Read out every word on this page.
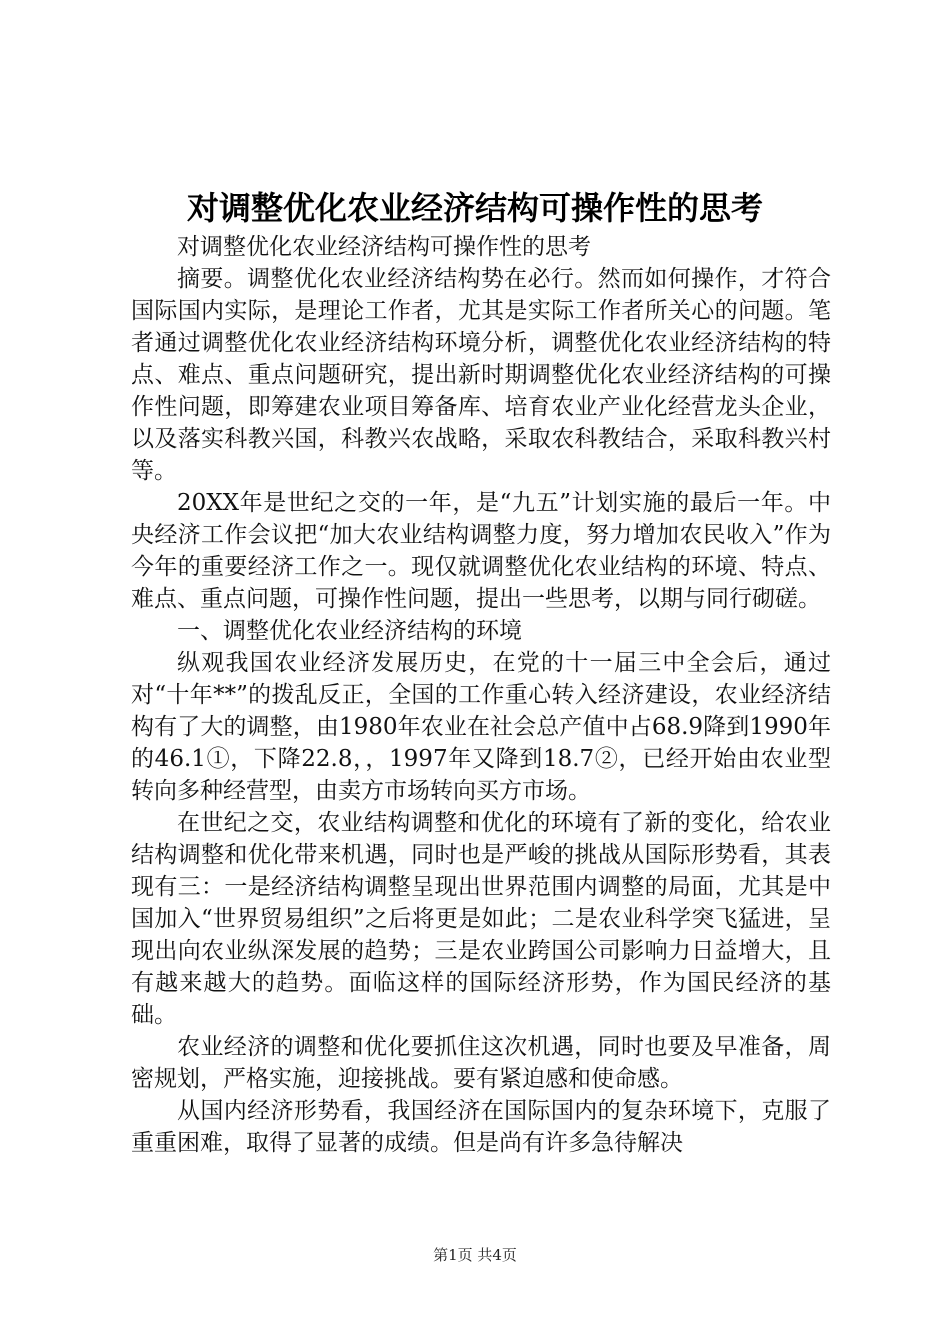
对调整优化农业经济结构可操作性的思考

对调整优化农业经济结构可操作性的思考

摘要。调整优化农业经济结构势在必行。然而如何操作，才符合国际国内实际，是理论工作者，尤其是实际工作者所关心的问题。笔者通过调整优化农业经济结构环境分析，调整优化农业经济结构的特点、难点、重点问题研究，提出新时期调整优化农业经济结构的可操作性问题，即筹建农业项目筹备库、培育农业产业化经营龙头企业，以及落实科教兴国，科教兴农战略，采取农科教结合，采取科教兴村等。

20XX年是世纪之交的一年，是“九五”计划实施的最后一年。中央经济工作会议把“加大农业结构调整力度，努力增加农民收入”作为今年的重要经济工作之一。现仅就调整优化农业结构的环境、特点、难点、重点问题，可操作性问题，提出一些思考，以期与同行砌磋。

一、调整优化农业经济结构的环境

纵观我国农业经济发展历史，在党的十一届三中全会后，通过对“十年**”的拨乱反正，全国的工作重心转入经济建设，农业经济结构有了大的调整，由1980年农业在社会总产值中占68.9降到1990年的46.1①，下降22.8，，1997年又降到18.7②，已经开始由农业型转向多种经营型，由卖方市场转向买方市场。

在世纪之交，农业结构调整和优化的环境有了新的变化，给农业结构调整和优化带来机遇，同时也是严峻的挑战从国际形势看，其表现有三：一是经济结构调整呈现出世界范围内调整的局面，尤其是中国加入“世界贸易组织”之后将更是如此；二是农业科学突飞猛进，呈现出向农业纵深发展的趋势；三是农业跨国公司影响力日益增大，且有越来越大的趋势。面临这样的国际经济形势，作为国民经济的基础。

农业经济的调整和优化要抓住这次机遇，同时也要及早准备，周密规划，严格实施，迎接挑战。要有紧迫感和使命感。

从国内经济形势看，我国经济在国际国内的复杂环境下，克服了重重困难，取得了显著的成绩。但是尚有许多急待解决

第1页 共4页
